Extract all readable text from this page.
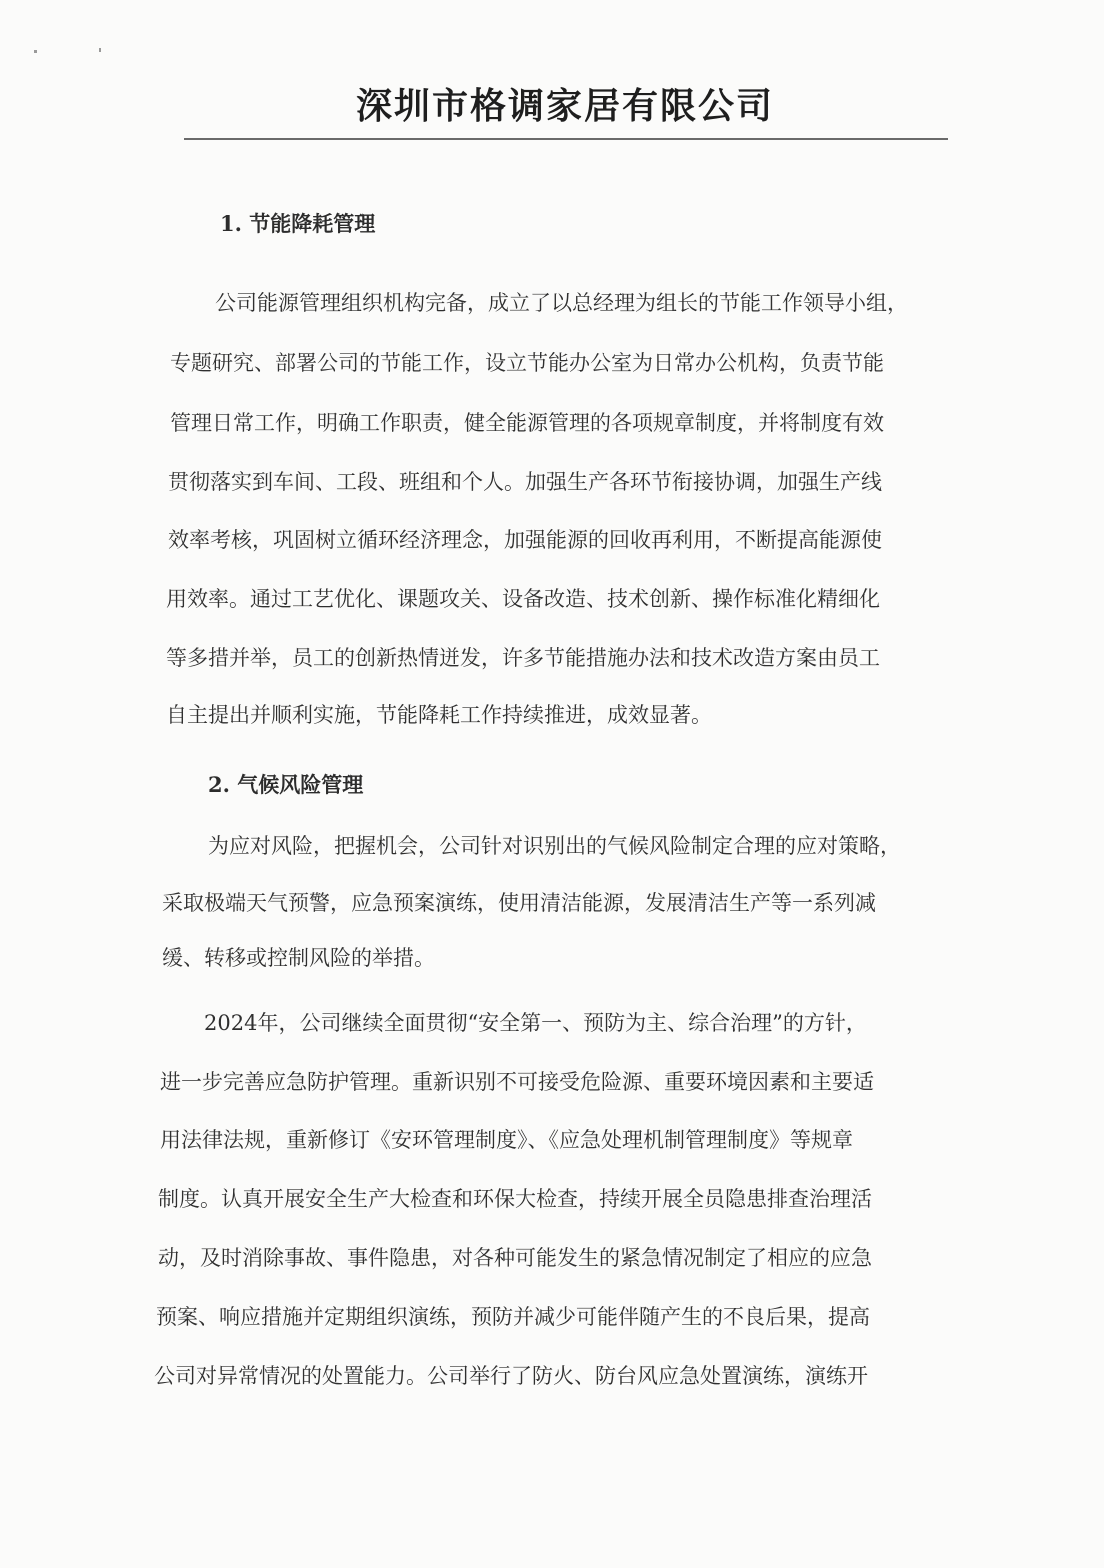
深圳市格调家居有限公司
1. 节能降耗管理
公司能源管理组织机构完备，成立了以总经理为组长的节能工作领导小组，
专题研究、部署公司的节能工作，设立节能办公室为日常办公机构，负责节能
管理日常工作，明确工作职责，健全能源管理的各项规章制度，并将制度有效
贯彻落实到车间、工段、班组和个人。加强生产各环节衔接协调，加强生产线
效率考核，巩固树立循环经济理念，加强能源的回收再利用，不断提高能源使
用效率。通过工艺优化、课题攻关、设备改造、技术创新、操作标准化精细化
等多措并举，员工的创新热情迸发，许多节能措施办法和技术改造方案由员工
自主提出并顺利实施，节能降耗工作持续推进，成效显著。
2. 气候风险管理
为应对风险，把握机会，公司针对识别出的气候风险制定合理的应对策略，
采取极端天气预警，应急预案演练，使用清洁能源，发展清洁生产等一系列减
缓、转移或控制风险的举措。
2024年，公司继续全面贯彻“安全第一、预防为主、综合治理”的方针，
进一步完善应急防护管理。重新识别不可接受危险源、重要环境因素和主要适
用法律法规，重新修订《安环管理制度》、《应急处理机制管理制度》等规章
制度。认真开展安全生产大检查和环保大检查，持续开展全员隐患排查治理活
动，及时消除事故、事件隐患，对各种可能发生的紧急情况制定了相应的应急
预案、响应措施并定期组织演练，预防并减少可能伴随产生的不良后果，提高
公司对异常情况的处置能力。公司举行了防火、防台风应急处置演练，演练开
